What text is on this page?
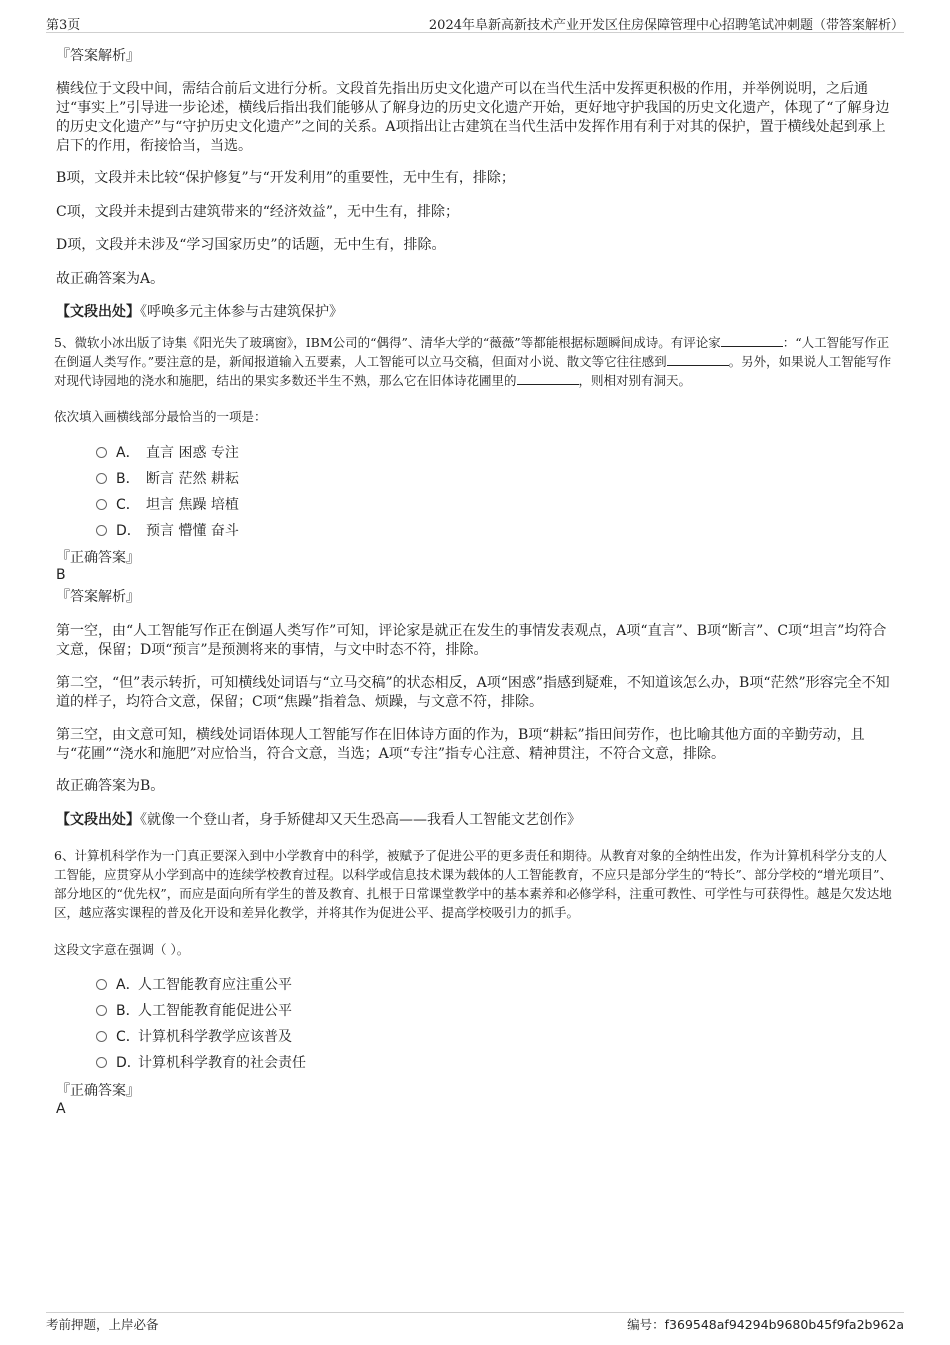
第3页	2024年阜新高新技术产业开发区住房保障管理中心招聘笔试冲刺题（带答案解析）
『答案解析』
横线位于文段中间，需结合前后文进行分析。文段首先指出历史文化遗产可以在当代生活中发挥更积极的作用，并举例说明，之后通过“事实上”引导进一步论述，横线后指出我们能够从了解身边的历史文化遗产开始，更好地守护我国的历史文化遗产，体现了“了解身边的历史文化遗产”与“守护历史文化遗产”之间的关系。A项指出让古建筑在当代生活中发挥作用有利于对其的保护，置于横线处起到承上启下的作用，衔接恰当，当选。
B项，文段并未比较“保护修复”与“开发利用”的重要性，无中生有，排除；
C项，文段并未提到古建筑带来的“经济效益”，无中生有，排除；
D项，文段并未涉及“学习国家历史”的话题，无中生有，排除。
故正确答案为A。
【文段出处】《呼唤多元主体参与古建筑保护》
5、微软小冰出版了诗集《阳光失了玻璃窗》，IBM公司的“偶得”、清华大学的“薇薇”等都能根据标题瞬间成诗。有评论家	：“人工智能写作正在倒逼人类写作。”要注意的是，新闻报道输入五要素，人工智能可以立马交稿，但面对小说、散文等它往往感到	。另外，如果说人工智能写作对现代诗园地的浇水和施肥，结出的果实多数还半生不熟，那么它在旧体诗花圃里的	，则相对别有洞天。
依次填入画横线部分最恰当的一项是：
A． 直言 困惑 专注
B． 断言 茫然 耕耘
C． 坦言 焦躁 培植
D． 预言 懵懂 奋斗
『正确答案』
B
『答案解析』
第一空，由“人工智能写作正在倒逼人类写作”可知，评论家是就正在发生的事情发表观点，A项“直言”、B项“断言”、C项“坦言”均符合文意，保留；D项“预言”是预测将来的事情，与文中时态不符，排除。
第二空，“但”表示转折，可知横线处词语与“立马交稿”的状态相反，A项“困惑”指感到疑难，不知道该怎么办，B项“茫然”形容完全不知道的样子，均符合文意，保留；C项“焦躁”指着急、烦躁，与文意不符，排除。
第三空，由文意可知，横线处词语体现人工智能写作在旧体诗方面的作为，B项“耕耘”指田间劳作，也比喻其他方面的辛勤劳动，且与“花圃”“浇水和施肥”对应恰当，符合文意，当选；A项“专注”指专心注意、精神贯注，不符合文意，排除。
故正确答案为B。
【文段出处】《就像一个登山者，身手矫健却又天生恐高——我看人工智能文艺创作》
6、计算机科学作为一门真正要深入到中小学教育中的科学，被赋予了促进公平的更多责任和期待。从教育对象的全纳性出发，作为计算机科学分支的人工智能，应贯穿从小学到高中的连续学校教育过程。以科学或信息技术课为载体的人工智能教育，不应只是部分学生的“特长”、部分学校的“增光项目”、部分地区的“优先权”，而应是面向所有学生的普及教育、扎根于日常课堂教学中的基本素养和必修学科，注重可教性、可学性与可获得性。越是欠发达地区，越应落实课程的普及化开设和差异化教学，并将其作为促进公平、提高学校吸引力的抓手。
这段文字意在强调（ ）。
A．人工智能教育应注重公平
B．人工智能教育能促进公平
C．计算机科学教学应该普及
D．计算机科学教育的社会责任
『正确答案』
A
考前押题，上岸必备	编号：f369548af94294b9680b45f9fa2b962a
